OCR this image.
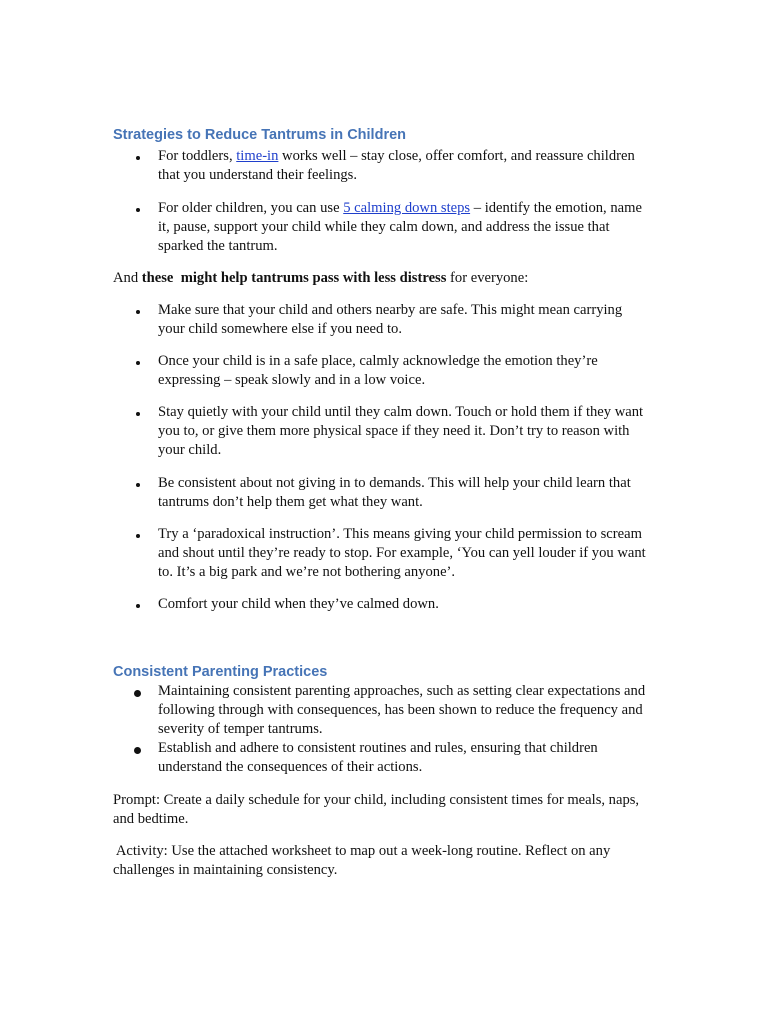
Strategies to Reduce Tantrums in Children
For toddlers, time-in works well – stay close, offer comfort, and reassure children
that you understand their feelings.
For older children, you can use 5 calming down steps – identify the emotion, name
it, pause, support your child while they calm down, and address the issue that
sparked the tantrum.
And these  might help tantrums pass with less distress for everyone:
Make sure that your child and others nearby are safe. This might mean carrying
your child somewhere else if you need to.
Once your child is in a safe place, calmly acknowledge the emotion they’re
expressing – speak slowly and in a low voice.
Stay quietly with your child until they calm down. Touch or hold them if they want
you to, or give them more physical space if they need it. Don’t try to reason with
your child.
Be consistent about not giving in to demands. This will help your child learn that
tantrums don’t help them get what they want.
Try a ‘paradoxical instruction’. This means giving your child permission to scream
and shout until they’re ready to stop. For example, ‘You can yell louder if you want
to. It’s a big park and we’re not bothering anyone’.
Comfort your child when they’ve calmed down.
Consistent Parenting Practices
Maintaining consistent parenting approaches, such as setting clear expectations and
following through with consequences, has been shown to reduce the frequency and
severity of temper tantrums.
Establish and adhere to consistent routines and rules, ensuring that children
understand the consequences of their actions.
Prompt: Create a daily schedule for your child, including consistent times for meals, naps,
and bedtime.
Activity: Use the attached worksheet to map out a week-long routine. Reflect on any
challenges in maintaining consistency.
